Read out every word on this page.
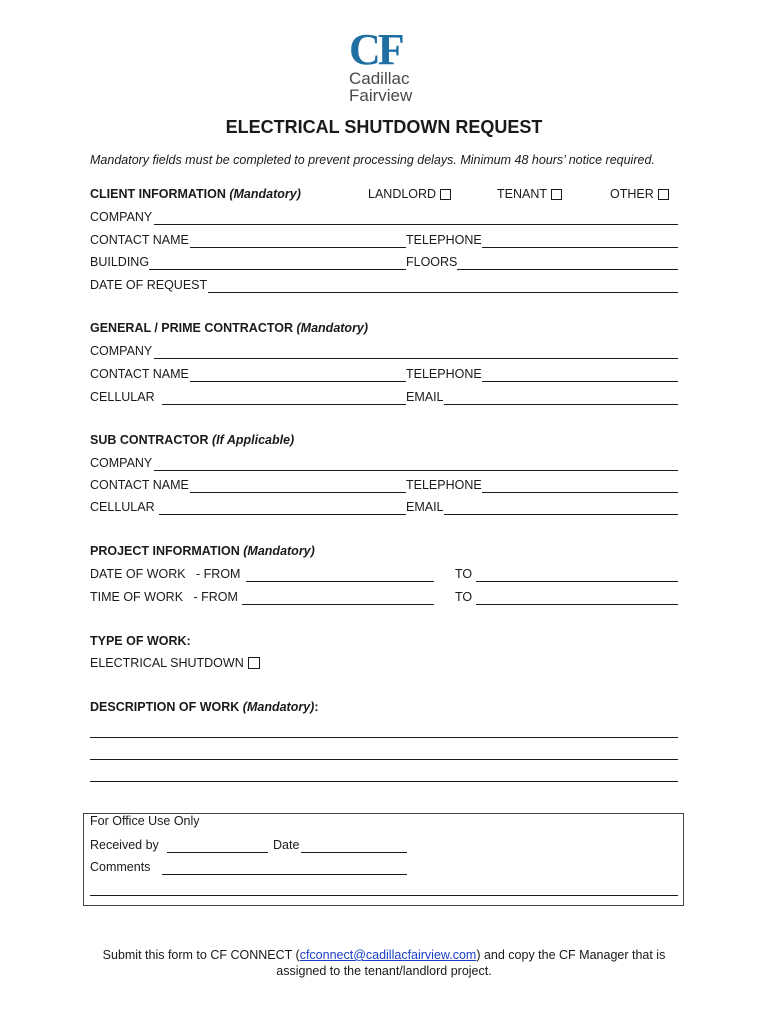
CF
Cadillac
Fairview
ELECTRICAL SHUTDOWN REQUEST
Mandatory fields must be completed to prevent processing delays. Minimum 48 hours’ notice required.
CLIENT INFORMATION (Mandatory)	LANDLORD	TENANT	OTHER
COMPANY
CONTACT NAME	TELEPHONE
BUILDING	FLOORS
DATE OF REQUEST
GENERAL / PRIME CONTRACTOR (Mandatory)
COMPANY
CONTACT NAME	TELEPHONE
CELLULAR	EMAIL
SUB CONTRACTOR (If Applicable)
COMPANY
CONTACT NAME	TELEPHONE
CELLULAR	EMAIL
PROJECT INFORMATION (Mandatory)
DATE OF WORK   - FROM	TO
TIME OF WORK   - FROM	TO
TYPE OF WORK:
ELECTRICAL SHUTDOWN
DESCRIPTION OF WORK (Mandatory):
For Office Use Only
Received by	Date
Comments
Submit this form to CF CONNECT (cfconnect@cadillacfairview.com) and copy the CF Manager that is
assigned to the tenant/landlord project.
